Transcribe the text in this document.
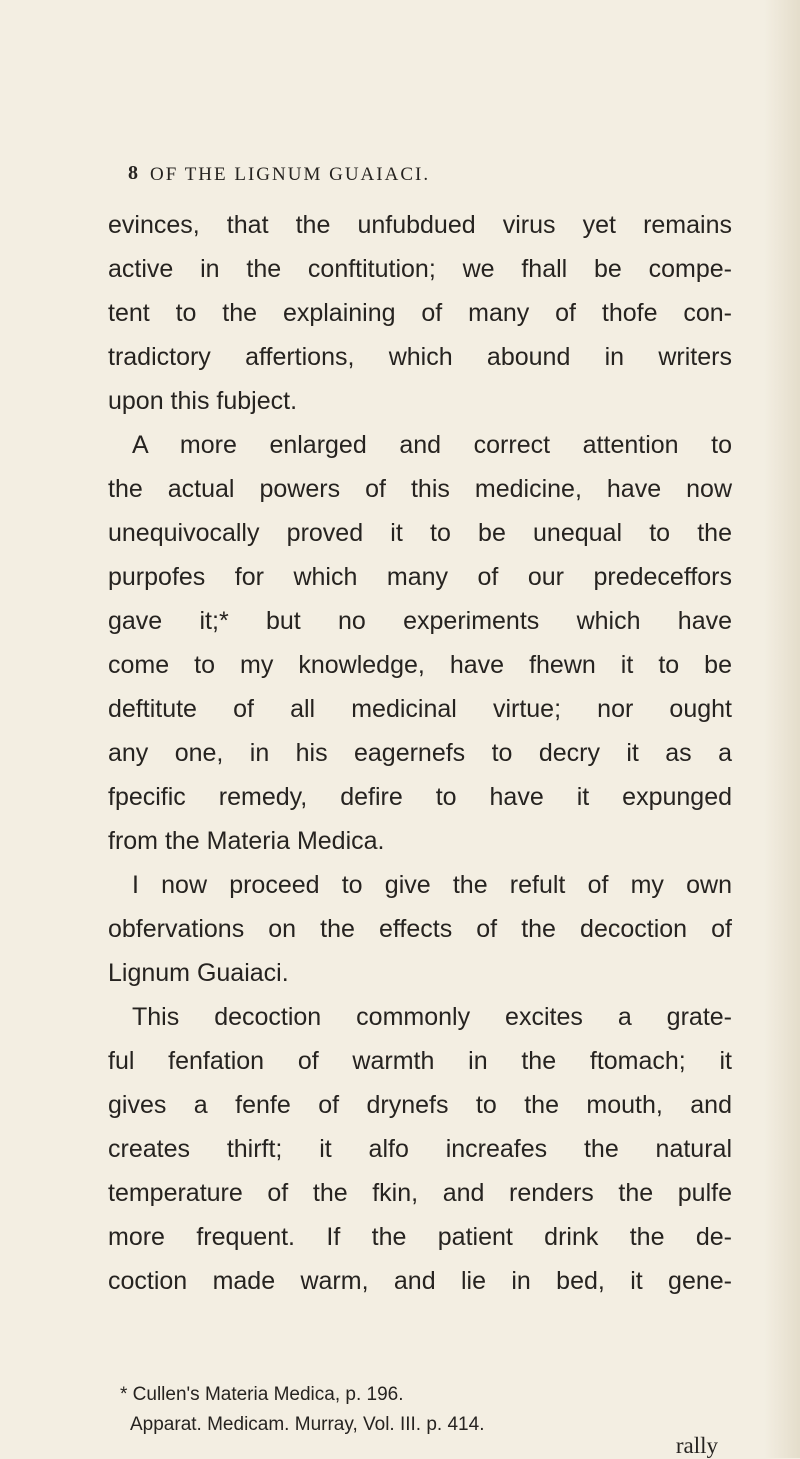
8 OF THE LIGNUM GUAIACI.
evinces, that the unfubdued virus yet remains
active in the conftitution; we fhall be compe-
tent to the explaining of many of thofe con-
tradictory affertions, which abound in writers
upon this fubject.
A more enlarged and correct attention to
the actual powers of this medicine, have now
unequivocally proved it to be unequal to the
purpofes for which many of our predeceffors
gave it;* but no experiments which have
come to my knowledge, have fhewn it to be
deftitute of all medicinal virtue; nor ought
any one, in his eagernefs to decry it as a
fpecific remedy, defire to have it expunged
from the Materia Medica.
I now proceed to give the refult of my own
obfervations on the effects of the decoction of
Lignum Guaiaci.
This decoction commonly excites a grate-
ful fenfation of warmth in the ftomach; it
gives a fenfe of drynefs to the mouth, and
creates thirft; it alfo increafes the natural
temperature of the fkin, and renders the pulfe
more frequent. If the patient drink the de-
coction made warm, and lie in bed, it gene-
* Cullen's Materia Medica, p. 196.
Apparat. Medicam. Murray, Vol. III. p. 414.
rally
